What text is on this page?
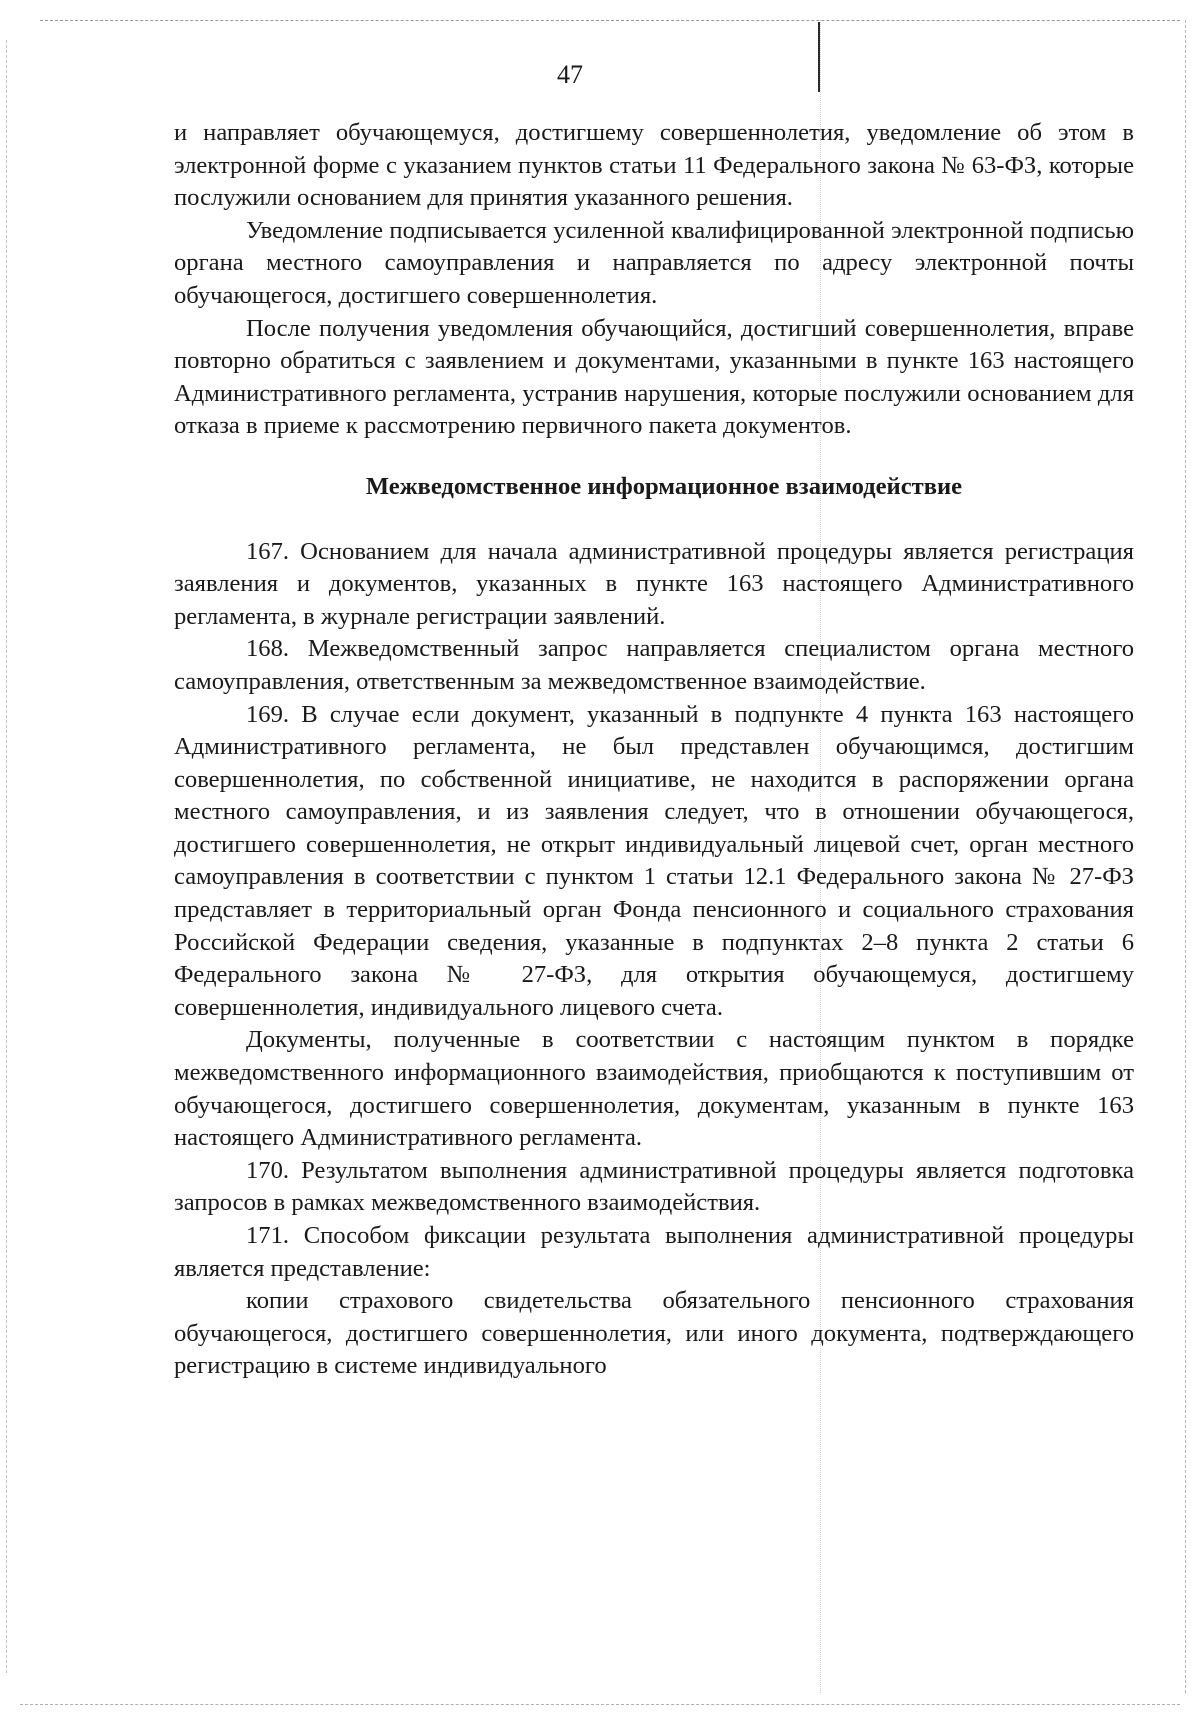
47

и направляет обучающемуся, достигшему совершеннолетия, уведомление об этом в электронной форме с указанием пунктов статьи 11 Федерального закона № 63-ФЗ, которые послужили основанием для принятия указанного решения.

Уведомление подписывается усиленной квалифицированной электронной подписью органа местного самоуправления и направляется по адресу электронной почты обучающегося, достигшего совершеннолетия.

После получения уведомления обучающийся, достигший совершеннолетия, вправе повторно обратиться с заявлением и документами, указанными в пункте 163 настоящего Административного регламента, устранив нарушения, которые послужили основанием для отказа в приеме к рассмотрению первичного пакета документов.

Межведомственное информационное взаимодействие

167. Основанием для начала административной процедуры является регистрация заявления и документов, указанных в пункте 163 настоящего Административного регламента, в журнале регистрации заявлений.

168. Межведомственный запрос направляется специалистом органа местного самоуправления, ответственным за межведомственное взаимодействие.

169. В случае если документ, указанный в подпункте 4 пункта 163 настоящего Административного регламента, не был представлен обучающимся, достигшим совершеннолетия, по собственной инициативе, не находится в распоряжении органа местного самоуправления, и из заявления следует, что в отношении обучающегося, достигшего совершеннолетия, не открыт индивидуальный лицевой счет, орган местного самоуправления в соответствии с пунктом 1 статьи 12.1 Федерального закона № 27-ФЗ представляет в территориальный орган Фонда пенсионного и социального страхования Российской Федерации сведения, указанные в подпунктах 2–8 пункта 2 статьи 6 Федерального закона № 27-ФЗ, для открытия обучающемуся, достигшему совершеннолетия, индивидуального лицевого счета.

Документы, полученные в соответствии с настоящим пунктом в порядке межведомственного информационного взаимодействия, приобщаются к поступившим от обучающегося, достигшего совершеннолетия, документам, указанным в пункте 163 настоящего Административного регламента.

170. Результатом выполнения административной процедуры является подготовка запросов в рамках межведомственного взаимодействия.

171. Способом фиксации результата выполнения административной процедуры является представление:

копии страхового свидетельства обязательного пенсионного страхования обучающегося, достигшего совершеннолетия, или иного документа, подтверждающего регистрацию в системе индивидуального
